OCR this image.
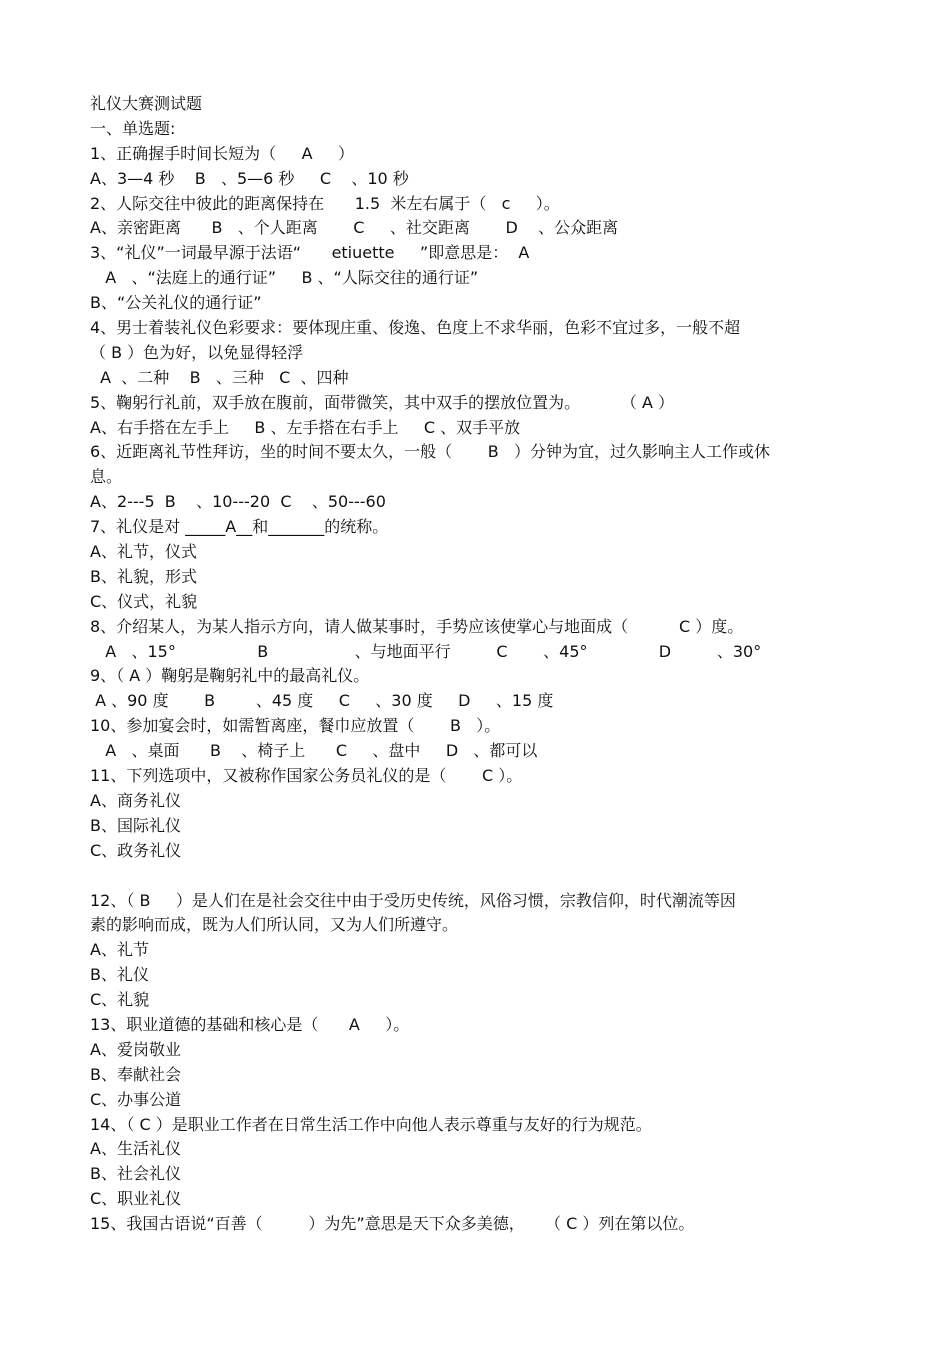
礼仪大赛测试题
一、单选题:
1、正确握手时间长短为（     A     ）
A、3—4 秒    B   、5—6 秒     C    、10 秒
2、人际交往中彼此的距离保持在      1.5  米左右属于（   c     ）。
A、亲密距离      B   、个人距离       C     、社交距离       D    、公众距离
3、“礼仪”一词最早源于法语“      etiuette     ”即意思是：  A
A   、“法庭上的通行证”     B 、“人际交往的通行证”
B、“公关礼仪的通行证”
4、男士着装礼仪色彩要求：要体现庄重、俊逸、色度上不求华丽，色彩不宜过多，一般不超
（ B ）色为好，以免显得轻浮
A  、二种    B   、三种   C  、四种
5、鞠躬行礼前，双手放在腹前，面带微笑，其中双手的摆放位置为。        （ A ）
A、右手搭在左手上     B 、左手搭在右手上     C 、双手平放
6、近距离礼节性拜访，坐的时间不要太久，一般（       B   ）分钟为宜，过久影响主人工作或休
息。
A、2---5  B    、10---20  C    、50---60
7、礼仪是对 _____A__和_______的统称。
A、礼节，仪式
B、礼貌，形式
C、仪式，礼貌
8、介绍某人，为某人指示方向，请人做某事时，手势应该使掌心与地面成（          C ）度。
A   、15°                B                 、与地面平行         C       、45°              D         、30°
9、（ A ）鞠躬是鞠躬礼中的最高礼仪。
A 、90 度       B        、45 度     C     、30 度     D     、15 度
10、参加宴会时，如需暂离座，餐巾应放置（       B   ）。
A   、桌面      B    、椅子上      C     、盘中     D   、都可以
11、下列选项中，又被称作国家公务员礼仪的是（       C ）。
A、商务礼仪
B、国际礼仪
C、政务礼仪
12、（ B     ）是人们在是社会交往中由于受历史传统，风俗习惯，宗教信仰，时代潮流等因
素的影响而成，既为人们所认同，又为人们所遵守。
A、礼节
B、礼仪
C、礼貌
13、职业道德的基础和核心是（      A     ）。
A、爱岗敬业
B、奉献社会
C、办事公道
14、（ C ）是职业工作者在日常生活工作中向他人表示尊重与友好的行为规范。
A、生活礼仪
B、社会礼仪
C、职业礼仪
15、我国古语说“百善（         ）为先”意思是天下众多美德，    （ C ）列在第以位。
